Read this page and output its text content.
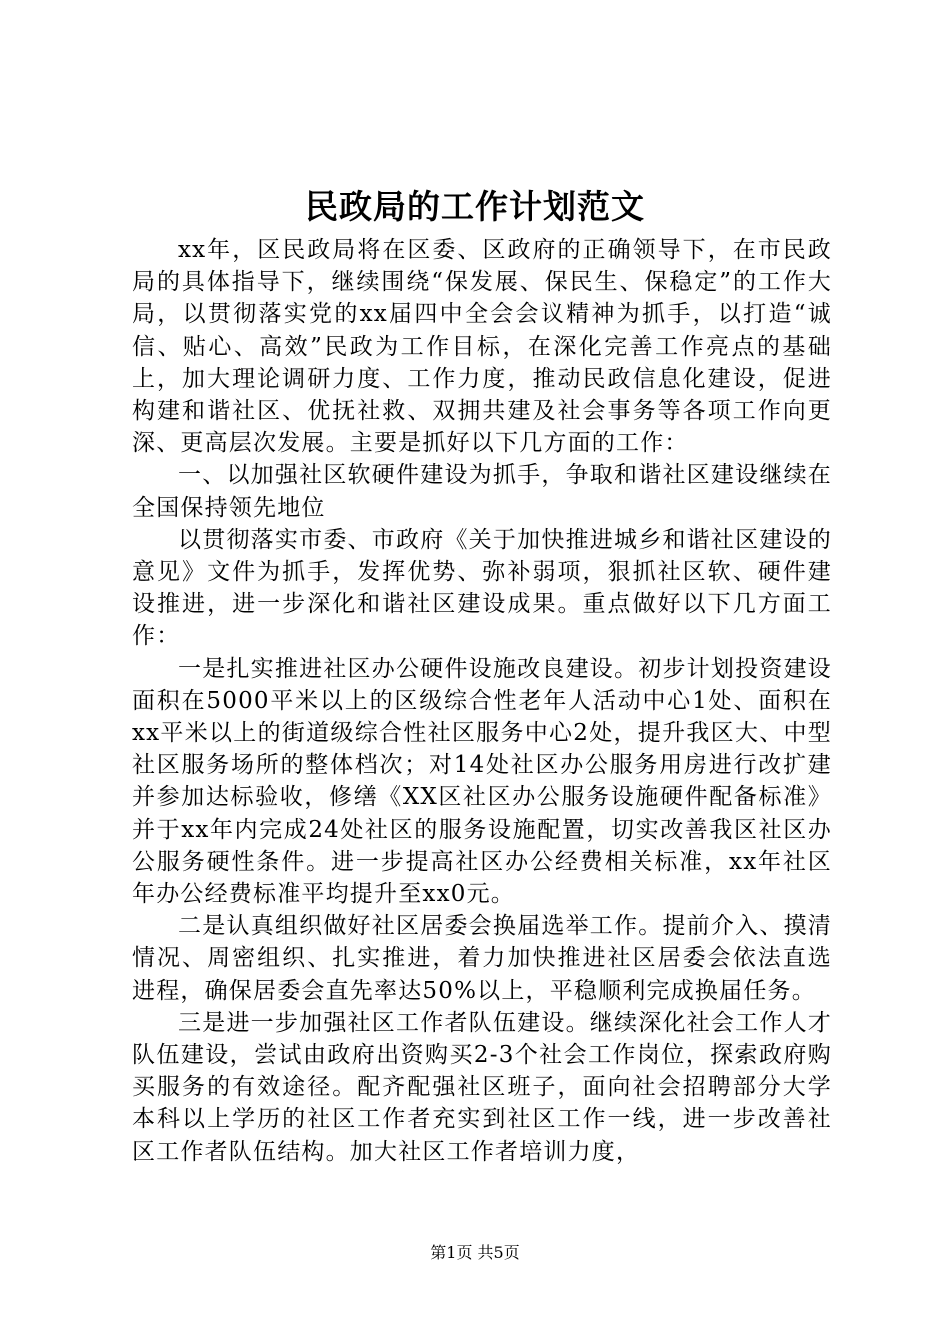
民政局的工作计划范文

xx年，区民政局将在区委、区政府的正确领导下，在市民政局的具体指导下，继续围绕“保发展、保民生、保稳定”的工作大局，以贯彻落实党的xx届四中全会会议精神为抓手，以打造“诚信、贴心、高效”民政为工作目标，在深化完善工作亮点的基础上，加大理论调研力度、工作力度，推动民政信息化建设，促进构建和谐社区、优抚社救、双拥共建及社会事务等各项工作向更深、更高层次发展。主要是抓好以下几方面的工作：

一、以加强社区软硬件建设为抓手，争取和谐社区建设继续在全国保持领先地位

以贯彻落实市委、市政府《关于加快推进城乡和谐社区建设的意见》文件为抓手，发挥优势、弥补弱项，狠抓社区软、硬件建设推进，进一步深化和谐社区建设成果。重点做好以下几方面工作：

一是扎实推进社区办公硬件设施改良建设。初步计划投资建设面积在5000平米以上的区级综合性老年人活动中心1处、面积在xx平米以上的街道级综合性社区服务中心2处，提升我区大、中型社区服务场所的整体档次；对14处社区办公服务用房进行改扩建并参加达标验收，修缮《XX区社区办公服务设施硬件配备标准》并于xx年内完成24处社区的服务设施配置，切实改善我区社区办公服务硬性条件。进一步提高社区办公经费相关标准，xx年社区年办公经费标准平均提升至xx0元。

二是认真组织做好社区居委会换届选举工作。提前介入、摸清情况、周密组织、扎实推进，着力加快推进社区居委会依法直选进程，确保居委会直先率达50%以上，平稳顺利完成换届任务。

三是进一步加强社区工作者队伍建设。继续深化社会工作人才队伍建设，尝试由政府出资购买2-3个社会工作岗位，探索政府购买服务的有效途径。配齐配强社区班子，面向社会招聘部分大学本科以上学历的社区工作者充实到社区工作一线，进一步改善社区工作者队伍结构。加大社区工作者培训力度，

第1页 共5页
